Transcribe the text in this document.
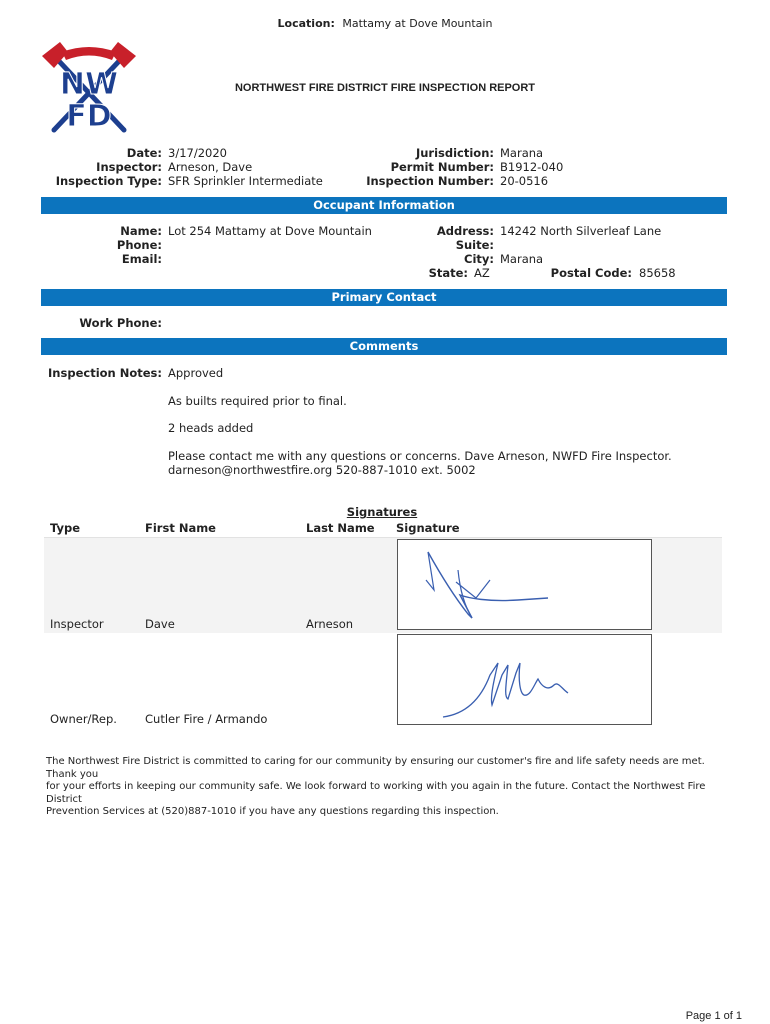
Location: Mattamy at Dove Mountain
NW
FD
NORTHWEST FIRE DISTRICT FIRE INSPECTION REPORT
Date: 3/17/2020
Inspector: Arneson, Dave
Inspection Type: SFR Sprinkler Intermediate
Jurisdiction: Marana
Permit Number: B1912-040
Inspection Number: 20-0516
Occupant Information
Name: Lot 254 Mattamy at Dove Mountain
Phone:
Email:
Address: 14242 North Silverleaf Lane
Suite:
City: Marana
State: AZ	Postal Code: 85658
Primary Contact
Work Phone:
Comments
Inspection Notes: Approved
As builts required prior to final.
2 heads added
Please contact me with any questions or concerns. Dave Arneson, NWFD Fire Inspector.
darneson@northwestfire.org 520-887-1010 ext. 5002
Signatures
Type	First Name	Last Name Signature
Inspector	Dave	Arneson
Owner/Rep. Cutler Fire / Armando
The Northwest Fire District is committed to caring for our community by ensuring our customer's fire and life safety needs are met. Thank you
for your efforts in keeping our community safe. We look forward to working with you again in the future. Contact the Northwest Fire District
Prevention Services at (520)887-1010 if you have any questions regarding this inspection.
Page 1 of 1
